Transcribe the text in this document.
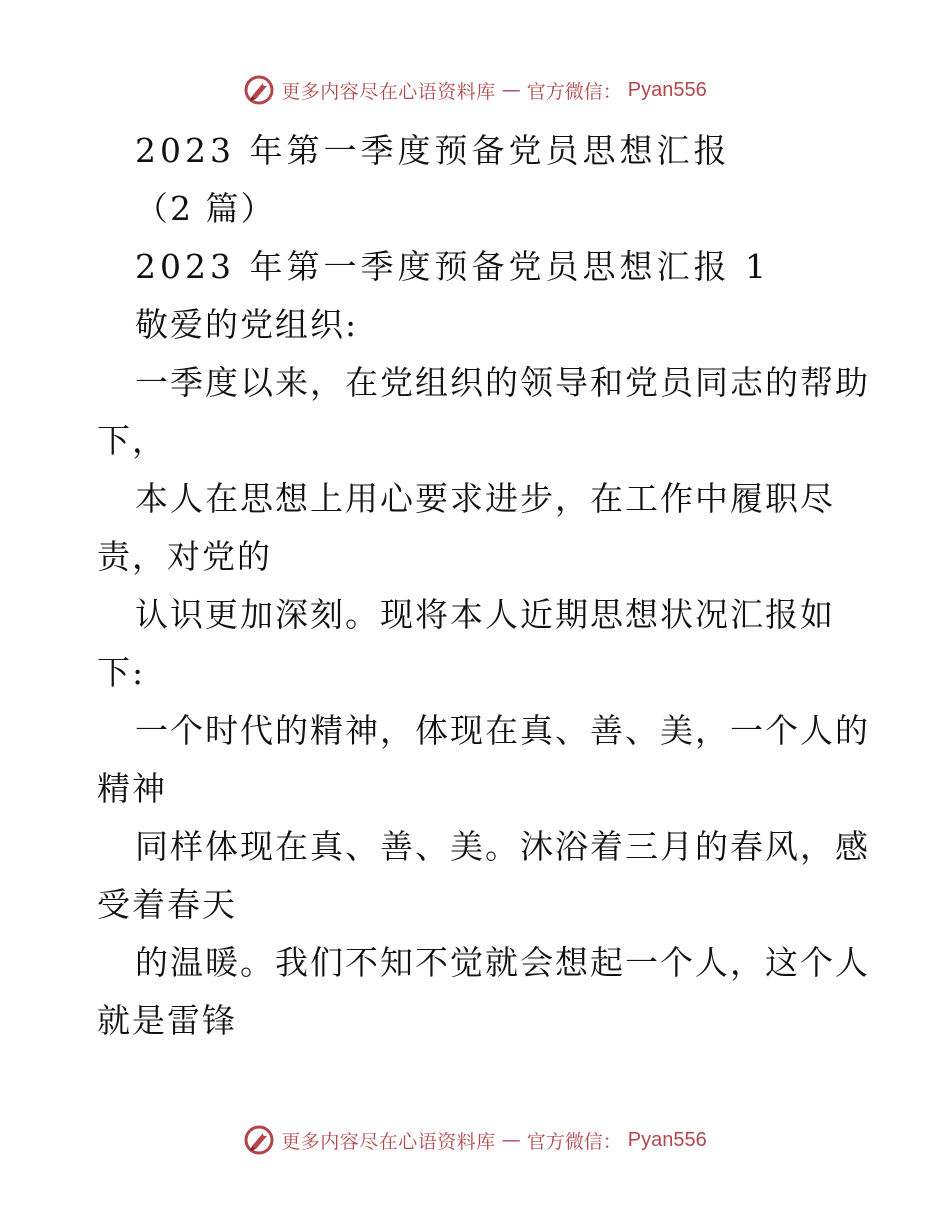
更多内容尽在心语资料库 — 官方微信： Pyan556
2023 年第一季度预备党员思想汇报
（2 篇）
2023 年第一季度预备党员思想汇报 1
敬爱的党组织:
一季度以来，在党组织的领导和党员同志的帮助
下，
本人在思想上用心要求进步，在工作中履职尽
责，对党的
认识更加深刻。现将本人近期思想状况汇报如
下:
一个时代的精神，体现在真、善、美，一个人的
精神
同样体现在真、善、美。沐浴着三月的春风，感
受着春天
的温暖。我们不知不觉就会想起一个人，这个人
就是雷锋
更多内容尽在心语资料库 — 官方微信： Pyan556
